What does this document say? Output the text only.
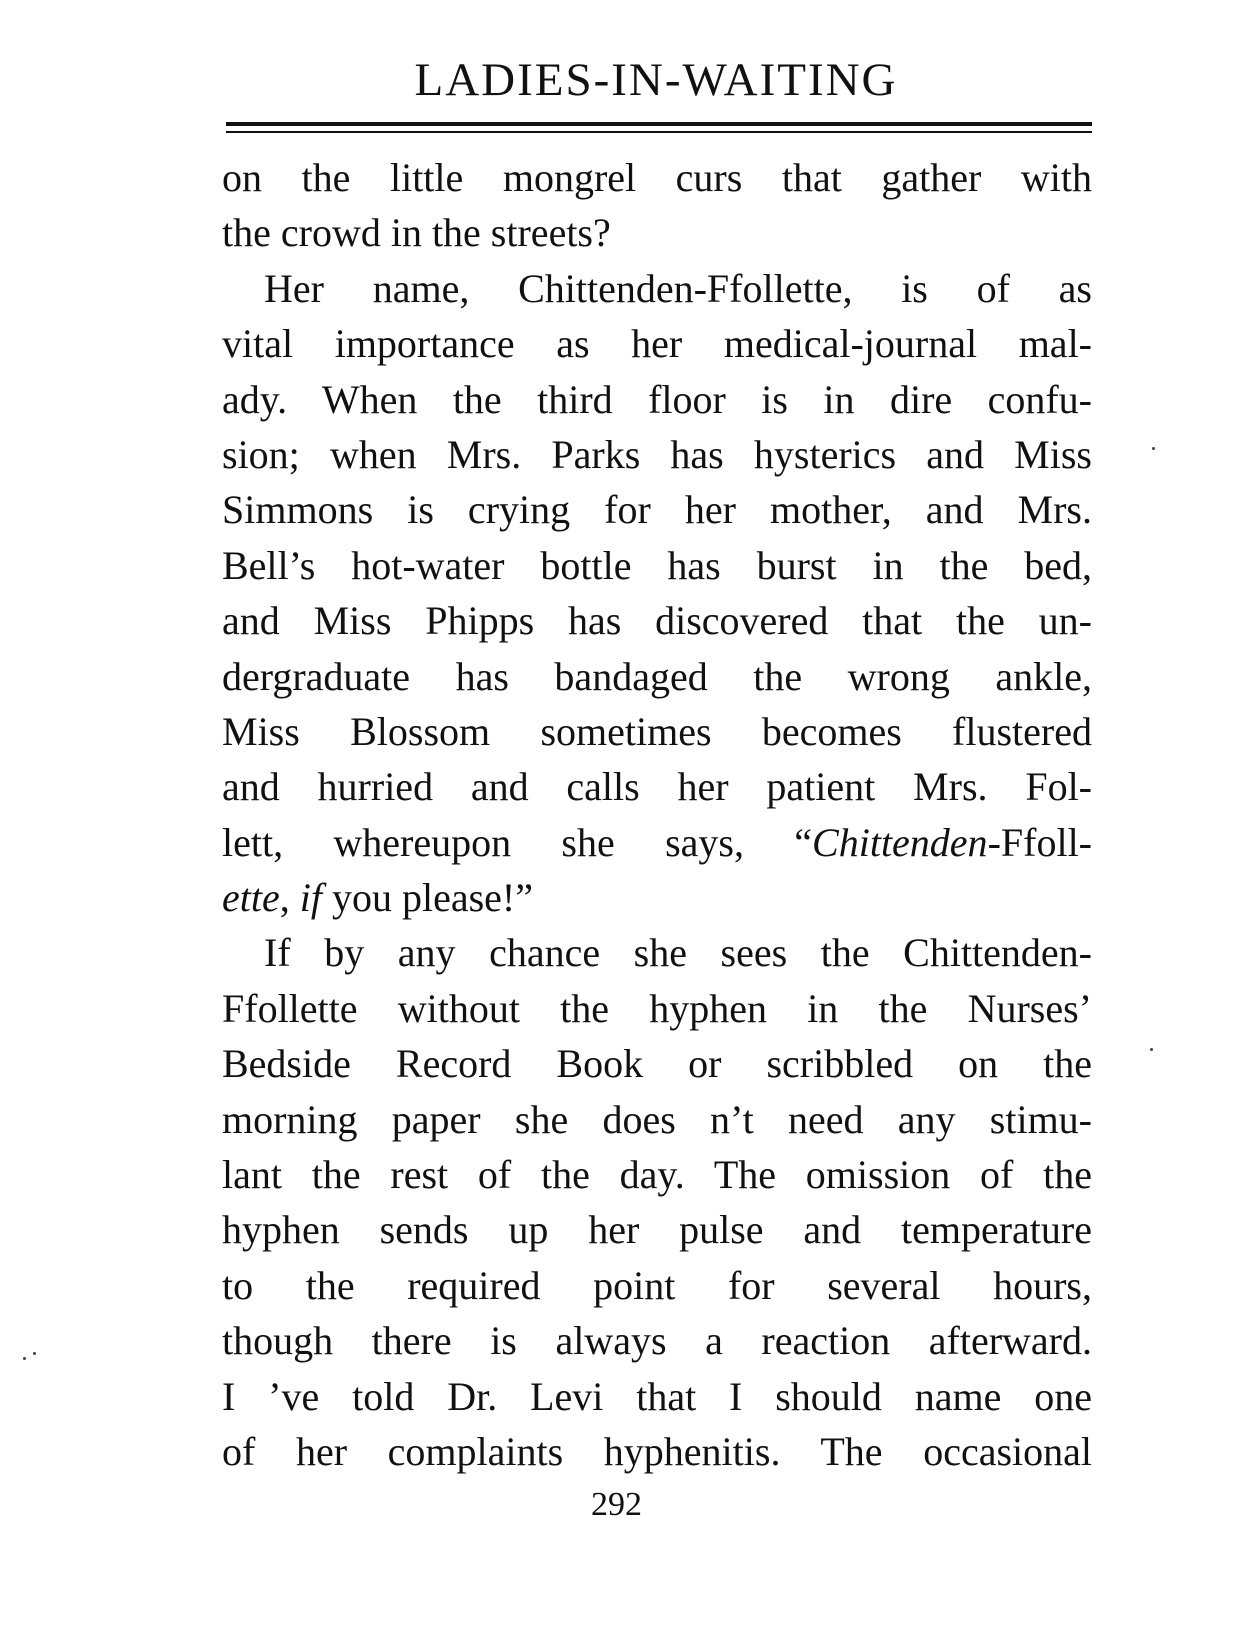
LADIES-IN-WAITING
on the little mongrel curs that gather with
the crowd in the streets?
Her name, Chittenden-Ffollette, is of as
vital importance as her medical-journal mal-
ady. When the third floor is in dire confu-
sion; when Mrs. Parks has hysterics and Miss
Simmons is crying for her mother, and Mrs.
Bell’s hot-water bottle has burst in the bed,
and Miss Phipps has discovered that the un-
dergraduate has bandaged the wrong ankle,
Miss Blossom sometimes becomes flustered
and hurried and calls her patient Mrs. Fol-
lett, whereupon she says, “Chittenden-Ffoll-
ette, if you please!”
If by any chance she sees the Chittenden-
Ffollette without the hyphen in the Nurses’
Bedside Record Book or scribbled on the
morning paper she does n’t need any stimu-
lant the rest of the day. The omission of the
hyphen sends up her pulse and temperature
to the required point for several hours,
though there is always a reaction afterward.
I ’ve told Dr. Levi that I should name one
of her complaints hyphenitis. The occasional

292
